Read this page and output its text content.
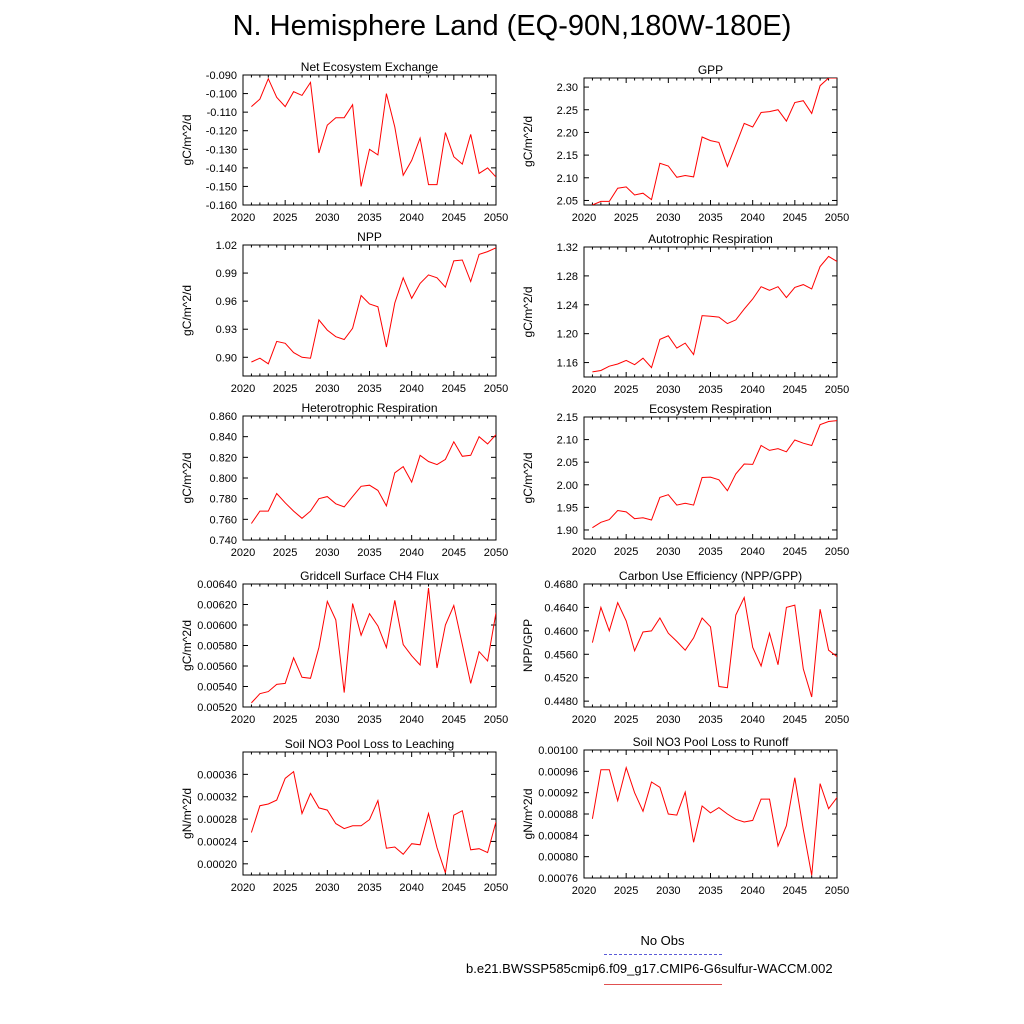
N. Hemisphere Land (EQ-90N,180W-180E)
Net Ecosystem Exchange
gC/m^2/d
2020 2025 2030 2035 2040 2045 2050
-0.160
-0.150
-0.140
-0.130
-0.120
-0.110
-0.100
-0.090	GPP
gC/m^2/d
2020 2025 2030 2035 2040 2045 2050
2.05
2.10
2.15
2.20
2.25
2.30
NPP
gC/m^2/d
2020 2025 2030 2035 2040 2045 2050
0.90
0.93
0.96
0.99
1.02	Autotrophic Respiration
gC/m^2/d
2020 2025 2030 2035 2040 2045 2050
1.16
1.20
1.24
1.28
1.32
Heterotrophic Respiration
gC/m^2/d
2020 2025 2030 2035 2040 2045 2050
0.740
0.760
0.780
0.800
0.820
0.840
0.860
Ecosystem Respiration
gC/m^2/d
2020 2025 2030 2035 2040 2045 2050
1.90
1.95
2.00
2.05
2.10
2.15
Gridcell Surface CH4 Flux
gC/m^2/d
2020 2025 2030 2035 2040 2045 2050
0.00520
0.00540
0.00560
0.00580
0.00600
0.00620
0.00640
Carbon Use Efficiency (NPP/GPP)
NPP/GPP
2020 2025 2030 2035 2040 2045 2050
0.4480
0.4520
0.4560
0.4600
0.4640
0.4680
Soil NO3 Pool Loss to Leaching
gN/m^2/d
2020 2025 2030 2035 2040 2045 2050
0.00020
0.00024
0.00028
0.00032
0.00036
Soil NO3 Pool Loss to Runoff
gN/m^2/d
2020 2025 2030 2035 2040 2045 2050
0.00076
0.00080
0.00084
0.00088
0.00092
0.00096
0.00100
No Obs
b.e21.BWSSP585cmip6.f09_g17.CMIP6-G6sulfur-WACCM.002
